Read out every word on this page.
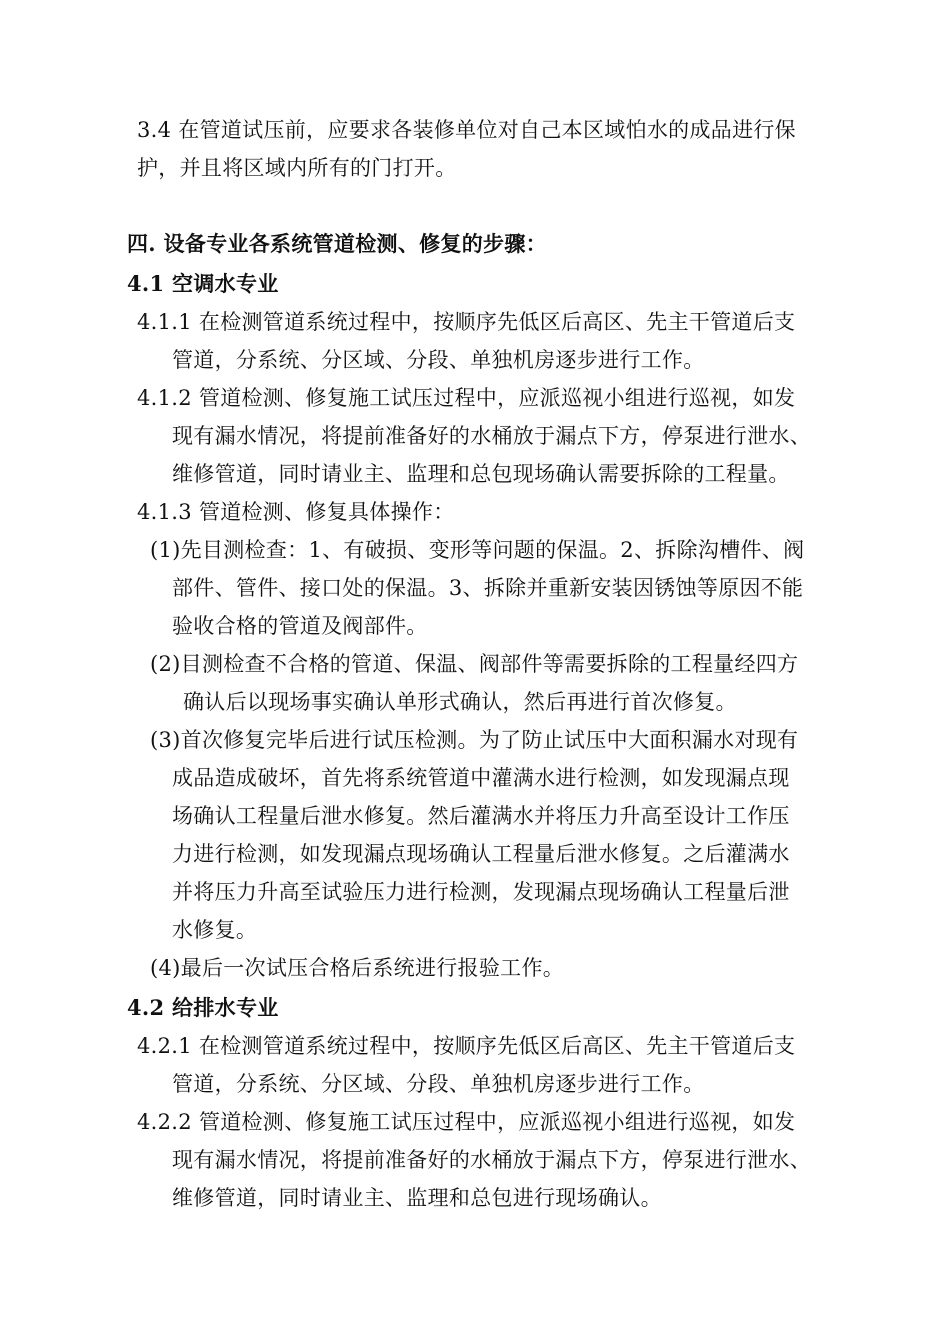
3.4 在管道试压前，应要求各装修单位对自己本区域怕水的成品进行保
护，并且将区域内所有的门打开。
四. 设备专业各系统管道检测、修复的步骤：
4.1 空调水专业
4.1.1 在检测管道系统过程中，按顺序先低区后高区、先主干管道后支
管道，分系统、分区域、分段、单独机房逐步进行工作。
4.1.2 管道检测、修复施工试压过程中，应派巡视小组进行巡视，如发
现有漏水情况，将提前准备好的水桶放于漏点下方，停泵进行泄水、
维修管道，同时请业主、监理和总包现场确认需要拆除的工程量。
4.1.3 管道检测、修复具体操作：
(1)先目测检查：1、有破损、变形等问题的保温。2、拆除沟槽件、阀
部件、管件、接口处的保温。3、拆除并重新安装因锈蚀等原因不能
验收合格的管道及阀部件。
(2)目测检查不合格的管道、保温、阀部件等需要拆除的工程量经四方
确认后以现场事实确认单形式确认，然后再进行首次修复。
(3)首次修复完毕后进行试压检测。为了防止试压中大面积漏水对现有
成品造成破坏，首先将系统管道中灌满水进行检测，如发现漏点现
场确认工程量后泄水修复。然后灌满水并将压力升高至设计工作压
力进行检测，如发现漏点现场确认工程量后泄水修复。之后灌满水
并将压力升高至试验压力进行检测，发现漏点现场确认工程量后泄
水修复。
(4)最后一次试压合格后系统进行报验工作。
4.2 给排水专业
4.2.1 在检测管道系统过程中，按顺序先低区后高区、先主干管道后支
管道，分系统、分区域、分段、单独机房逐步进行工作。
4.2.2 管道检测、修复施工试压过程中，应派巡视小组进行巡视，如发
现有漏水情况，将提前准备好的水桶放于漏点下方，停泵进行泄水、
维修管道，同时请业主、监理和总包进行现场确认。
